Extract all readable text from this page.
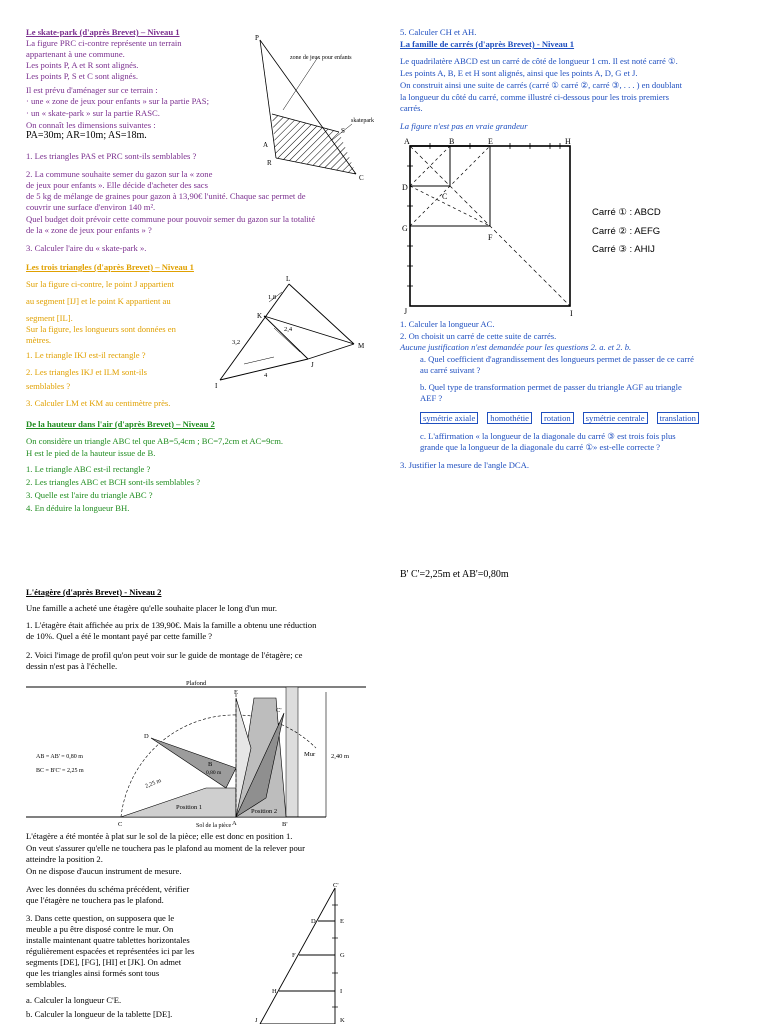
Le skate-park (d'après Brevet) – Niveau 1
La figure PRC ci-contre représente un terrain
appartenant à une commune.
Les points P, A et R sont alignés.
Les points P, S et C sont alignés.
Il est prévu d'aménager sur ce terrain :
· une « zone de jeux pour enfants » sur la partie PAS;
· un « skate-park » sur la partie RASC.
On connaît les dimensions suivantes :
PA=30m; AR=10m; AS=18m.
1. Les triangles PAS et PRC sont-ils semblables ?
2. La commune souhaite semer du gazon sur la « zone
de jeux pour enfants ». Elle décide d'acheter des sacs
de 5 kg de mélange de graines pour gazon à 13,90€ l'unité. Chaque sac permet de
couvrir une surface d'environ 140 m².
Quel budget doit prévoir cette commune pour pouvoir semer du gazon sur la totalité
de la « zone de jeux pour enfants » ?
3. Calculer l'aire du « skate-park ».
P
A
R
S
C
zone de jeux pour enfants
skatepark
Les trois triangles (d'après Brevet) – Niveau 1
Sur la figure ci-contre, le point J appartient
au segment [IJ] et le point K appartient au
segment [IL].
Sur la figure, les longueurs sont données en
mètres.
1. Le triangle IKJ est-il rectangle ?
2. Les triangles IKJ et ILM sont-ils
semblables ?
3. Calculer LM et KM au centimètre près.
L
K
M
J
I
1,8
2,4
3,2
4
De la hauteur dans l'air (d'après Brevet) – Niveau 2
On considère un triangle ABC tel que AB=5,4cm ; BC=7,2cm et AC=9cm.
H est le pied de la hauteur issue de B.
1. Le triangle ABC est-il rectangle ?
2. Les triangles ABC et BCH sont-ils semblables ?
3. Quelle est l'aire du triangle ABC ?
4. En déduire la longueur BH.
5. Calculer CH et AH.
La famille de carrés (d'après Brevet) - Niveau 1
Le quadrilatère ABCD est un carré de côté de longueur 1 cm. Il est noté carré ①.
Les points A, B, E et H sont alignés, ainsi que les points A, D, G et J.
On construit ainsi une suite de carrés (carré ① carré ②, carré ③, . . . ) en doublant
la longueur du côté du carré, comme illustré ci-dessous pour les trois premiers
carrés.
La figure n'est pas en vraie grandeur
A	B	E	H
D
C
G
F
J	I
Carré ① : ABCD
Carré ② : AEFG
Carré ③ : AHIJ
1. Calculer la longueur AC.
2. On choisit un carré de cette suite de carrés.
Aucune justification n'est demandée pour les questions 2. a. et 2. b.
a. Quel coefficient d'agrandissement des longueurs permet de passer de ce carré
au carré suivant ?
b. Quel type de transformation permet de passer du triangle AGF au triangle
AEF ?
symétrie axiale homothétie rotation symétrie centrale translation
c. L'affirmation « la longueur de la diagonale du carré ③ est trois fois plus
grande que la longueur de la diagonale du carré ①» est-elle correcte ?
3. Justifier la mesure de l'angle DCA.
B' C'=2,25m et AB'=0,80m
L'étagère (d'après Brevet) - Niveau 2
Une famille a acheté une étagère qu'elle souhaite placer le long d'un mur.
1. L'étagère était affichée au prix de 139,90€. Mais la famille a obtenu une réduction
de 10%. Quel a été le montant payé par cette famille ?
2. Voici l'image de profil qu'on peut voir sur le guide de montage de l'étagère; ce
dessin n'est pas à l'échelle.
Plafond
Sol de la pièce
2,40 m
Mur
AB = AB' = 0,80 m
BC = B'C' = 2,25 m
Position 1
Position 2
2,25 m
0,80 m
D
E
C'
B
A
C	B'
L'étagère a été montée à plat sur le sol de la pièce; elle est donc en position 1.
On veut s'assurer qu'elle ne touchera pas le plafond au moment de la relever pour
atteindre la position 2.
On ne dispose d'aucun instrument de mesure.
Avec les données du schéma précédent, vérifier
que l'étagère ne touchera pas le plafond.
3. Dans cette question, on supposera que le
meuble a pu être disposé contre le mur. On
installe maintenant quatre tablettes horizontales
régulièrement espacées et représentées ici par les
segments [DE], [FG], [HI] et [JK]. On admet
que les triangles ainsi formés sont tous
semblables.
a. Calculer la longueur C'E.
b. Calculer la longueur de la tablette [DE].
C'
D	E
F	G
H	I
J	K
